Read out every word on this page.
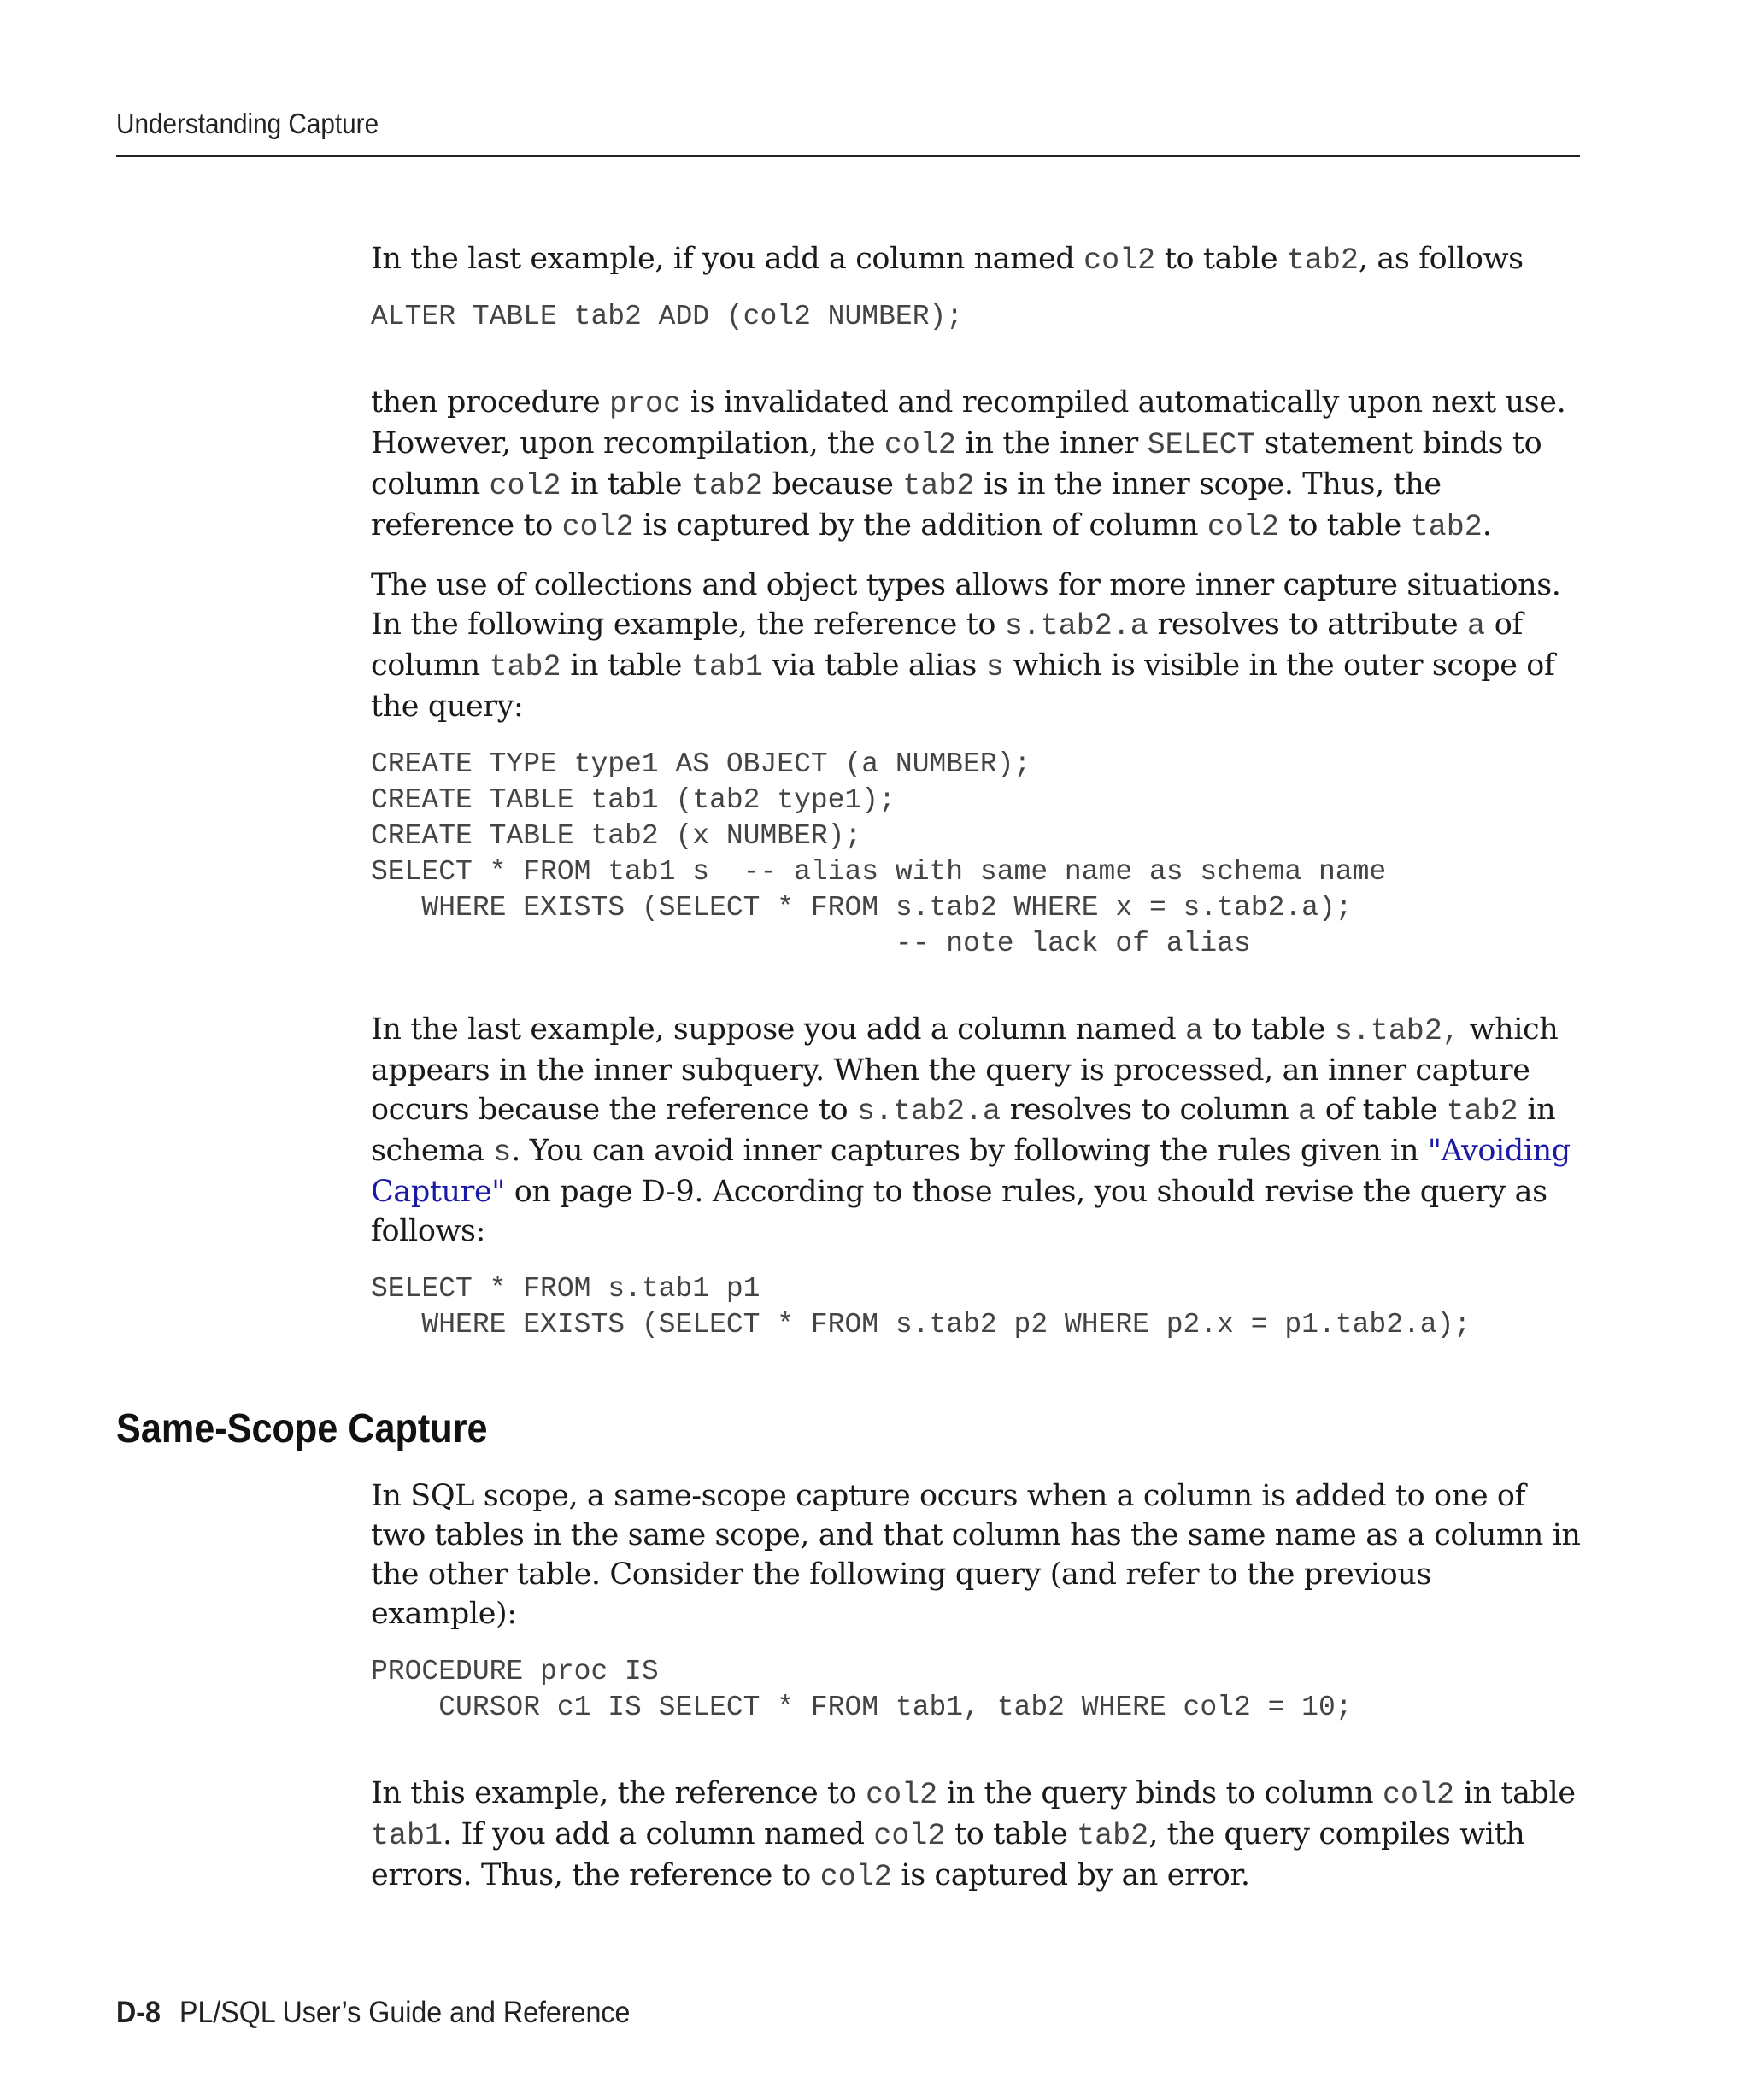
Understanding Capture

In the last example, if you add a column named col2 to table tab2, as follows

ALTER TABLE tab2 ADD (col2 NUMBER);

then procedure proc is invalidated and recompiled automatically upon next use. However, upon recompilation, the col2 in the inner SELECT statement binds to column col2 in table tab2 because tab2 is in the inner scope. Thus, the reference to col2 is captured by the addition of column col2 to table tab2.

The use of collections and object types allows for more inner capture situations. In the following example, the reference to s.tab2.a resolves to attribute a of column tab2 in table tab1 via table alias s which is visible in the outer scope of the query:

CREATE TYPE type1 AS OBJECT (a NUMBER);
CREATE TABLE tab1 (tab2 type1);
CREATE TABLE tab2 (x NUMBER);
SELECT * FROM tab1 s  -- alias with same name as schema name
WHERE EXISTS (SELECT * FROM s.tab2 WHERE x = s.tab2.a);
-- note lack of alias

In the last example, suppose you add a column named a to table s.tab2, which appears in the inner subquery. When the query is processed, an inner capture occurs because the reference to s.tab2.a resolves to column a of table tab2 in schema s. You can avoid inner captures by following the rules given in "Avoiding Capture" on page D-9. According to those rules, you should revise the query as follows:

SELECT * FROM s.tab1 p1
WHERE EXISTS (SELECT * FROM s.tab2 p2 WHERE p2.x = p1.tab2.a);
Same-Scope Capture

In SQL scope, a same-scope capture occurs when a column is added to one of two tables in the same scope, and that column has the same name as a column in the other table. Consider the following query (and refer to the previous example):

PROCEDURE proc IS
CURSOR c1 IS SELECT * FROM tab1, tab2 WHERE col2 = 10;

In this example, the reference to col2 in the query binds to column col2 in table tab1. If you add a column named col2 to table tab2, the query compiles with errors. Thus, the reference to col2 is captured by an error.

D-8 PL/SQL User’s Guide and Reference
